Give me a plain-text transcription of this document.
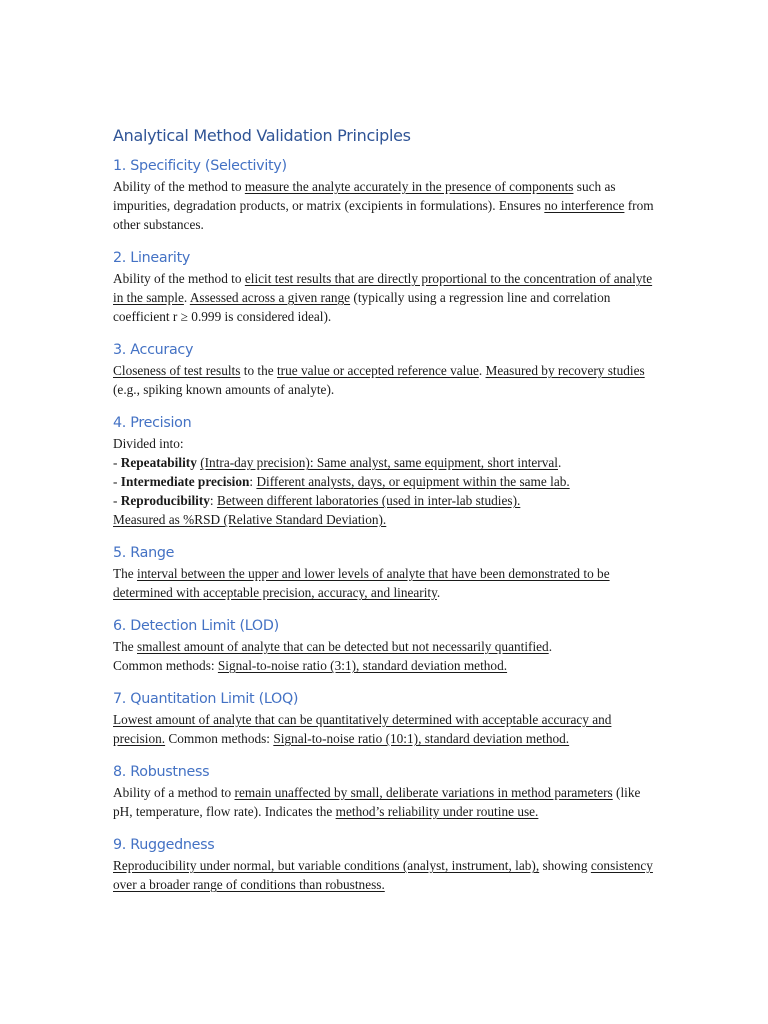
Analytical Method Validation Principles
1. Specificity (Selectivity)

Ability of the method to measure the analyte accurately in the presence of components such as impurities, degradation products, or matrix (excipients in formulations). Ensures no interference from other substances.

2. Linearity

Ability of the method to elicit test results that are directly proportional to the concentration of analyte in the sample. Assessed across a given range (typically using a regression line and correlation coefficient r ≥ 0.999 is considered ideal).

3. Accuracy

Closeness of test results to the true value or accepted reference value. Measured by recovery studies (e.g., spiking known amounts of analyte).

4. Precision

Divided into:

- Repeatability (Intra-day precision): Same analyst, same equipment, short interval.

- Intermediate precision: Different analysts, days, or equipment within the same lab.

- Reproducibility: Between different laboratories (used in inter-lab studies).

Measured as %RSD (Relative Standard Deviation).

5. Range

The interval between the upper and lower levels of analyte that have been demonstrated to be determined with acceptable precision, accuracy, and linearity.

6. Detection Limit (LOD)

The smallest amount of analyte that can be detected but not necessarily quantified.

Common methods: Signal-to-noise ratio (3:1), standard deviation method.

7. Quantitation Limit (LOQ)

Lowest amount of analyte that can be quantitatively determined with acceptable accuracy and precision. Common methods: Signal-to-noise ratio (10:1), standard deviation method.

8. Robustness

Ability of a method to remain unaffected by small, deliberate variations in method parameters (like pH, temperature, flow rate). Indicates the method’s reliability under routine use.

9. Ruggedness

Reproducibility under normal, but variable conditions (analyst, instrument, lab), showing consistency over a broader range of conditions than robustness.
